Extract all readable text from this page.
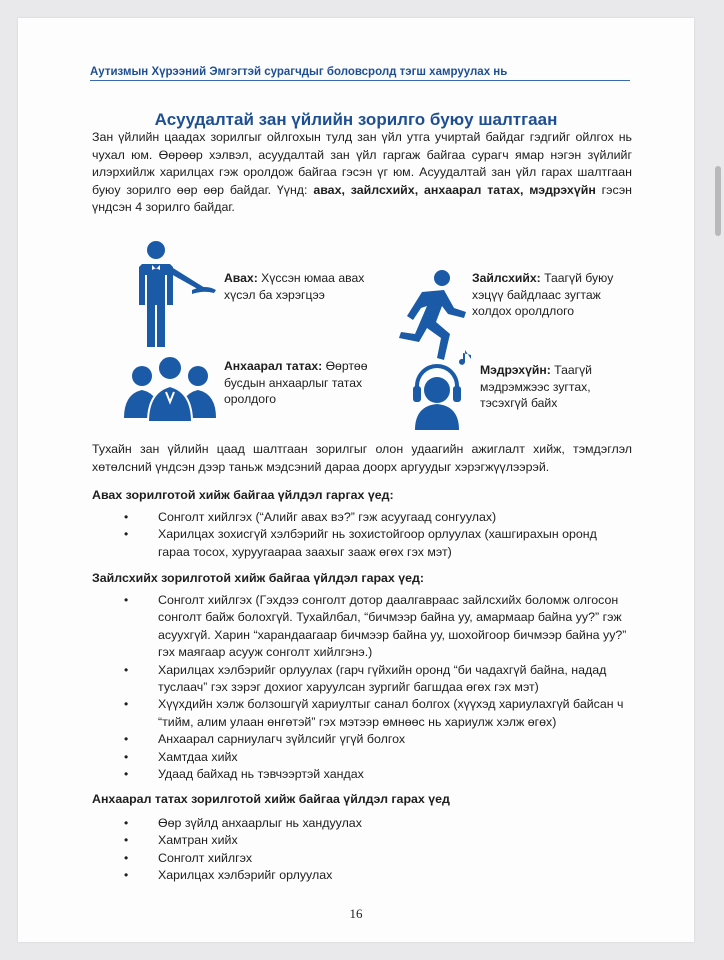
Аутизмын Хүрээний Эмгэгтэй сурагчдыг боловсролд тэгш хамруулах нь
Асуудалтай зан үйлийн зорилго буюу шалтгаан
Зан үйлийн цаадах зорилгыг ойлгохын тулд зан үйл утга учиртай байдаг гэдгийг ойлгох нь чухал юм. Өөрөөр хэлвэл, асуудалтай зан үйл гаргаж байгаа сурагч ямар нэгэн зүйлийг илэрхийлж харилцах гэж оролдож байгаа гэсэн үг юм. Асуудалтай зан үйл гарах шалтгаан буюу зорилго өөр өөр байдаг. Үүнд: авах, зайлсхийх, анхаарал татах, мэдрэхүйн гэсэн үндсэн 4 зорилго байдаг.
Авах: Хүссэн юмаа авах хүсэл ба хэрэгцээ
Зайлсхийх: Таагүй буюу хэцүү байдлаас зугтаж холдох оролдлого
Анхаарал татах: Өөртөө бусдын анхаарлыг татах оролдого
Мэдрэхүйн: Таагүй мэдрэмжээс зугтах, тэсэхгүй байх
Тухайн зан үйлийн цаад шалтгаан зорилгыг олон удаагийн ажиглалт хийж, тэмдэглэл хөтөлсний үндсэн дээр таньж мэдсэний дараа доорх аргуудыг хэрэгжүүлээрэй.
Авах зорилготой хийж байгаа үйлдэл гаргах үед:
• Сонголт хийлгэх (“Алийг авах вэ?” гэж асуугаад сонгуулах)
• Харилцах зохисгүй хэлбэрийг нь зохистойгоор орлуулах (хашгирахын оронд гараа тосох, хуруугаараа заахыг зааж өгөх гэх мэт)
Зайлсхийх зорилготой хийж байгаа үйлдэл гарах үед:
• Сонголт хийлгэх (Гэхдээ сонголт дотор даалгавраас зайлсхийх боломж олгосон сонголт байж болохгүй. Тухайлбал, “бичмээр байна уу, амармаар байна уу?” гэж асуухгүй. Харин “харандаагаар бичмээр байна уу, шохойгоор бичмээр байна уу?” гэх маягаар асууж сонголт хийлгэнэ.)
• Харилцах хэлбэрийг орлуулах (гарч гүйхийн оронд “би чадахгүй байна, надад туслаач” гэх зэрэг дохиог харуулсан зургийг багшдаа өгөх гэх мэт)
• Хүүхдийн хэлж болзошгүй хариултыг санал болгох (хүүхэд хариулахгүй байсан ч “тийм, алим улаан өнгөтэй” гэх мэтээр өмнөөс нь хариулж хэлж өгөх)
• Анхаарал сарниулагч зүйлсийг үгүй болгох
• Хамтдаа хийх
• Удаад байхад нь тэвчээртэй хандах
Анхаарал татах зорилготой хийж байгаа үйлдэл гарах үед
• Өөр зүйлд анхаарлыг нь хандуулах
• Хамтран хийх
• Сонголт хийлгэх
• Харилцах хэлбэрийг орлуулах
16
